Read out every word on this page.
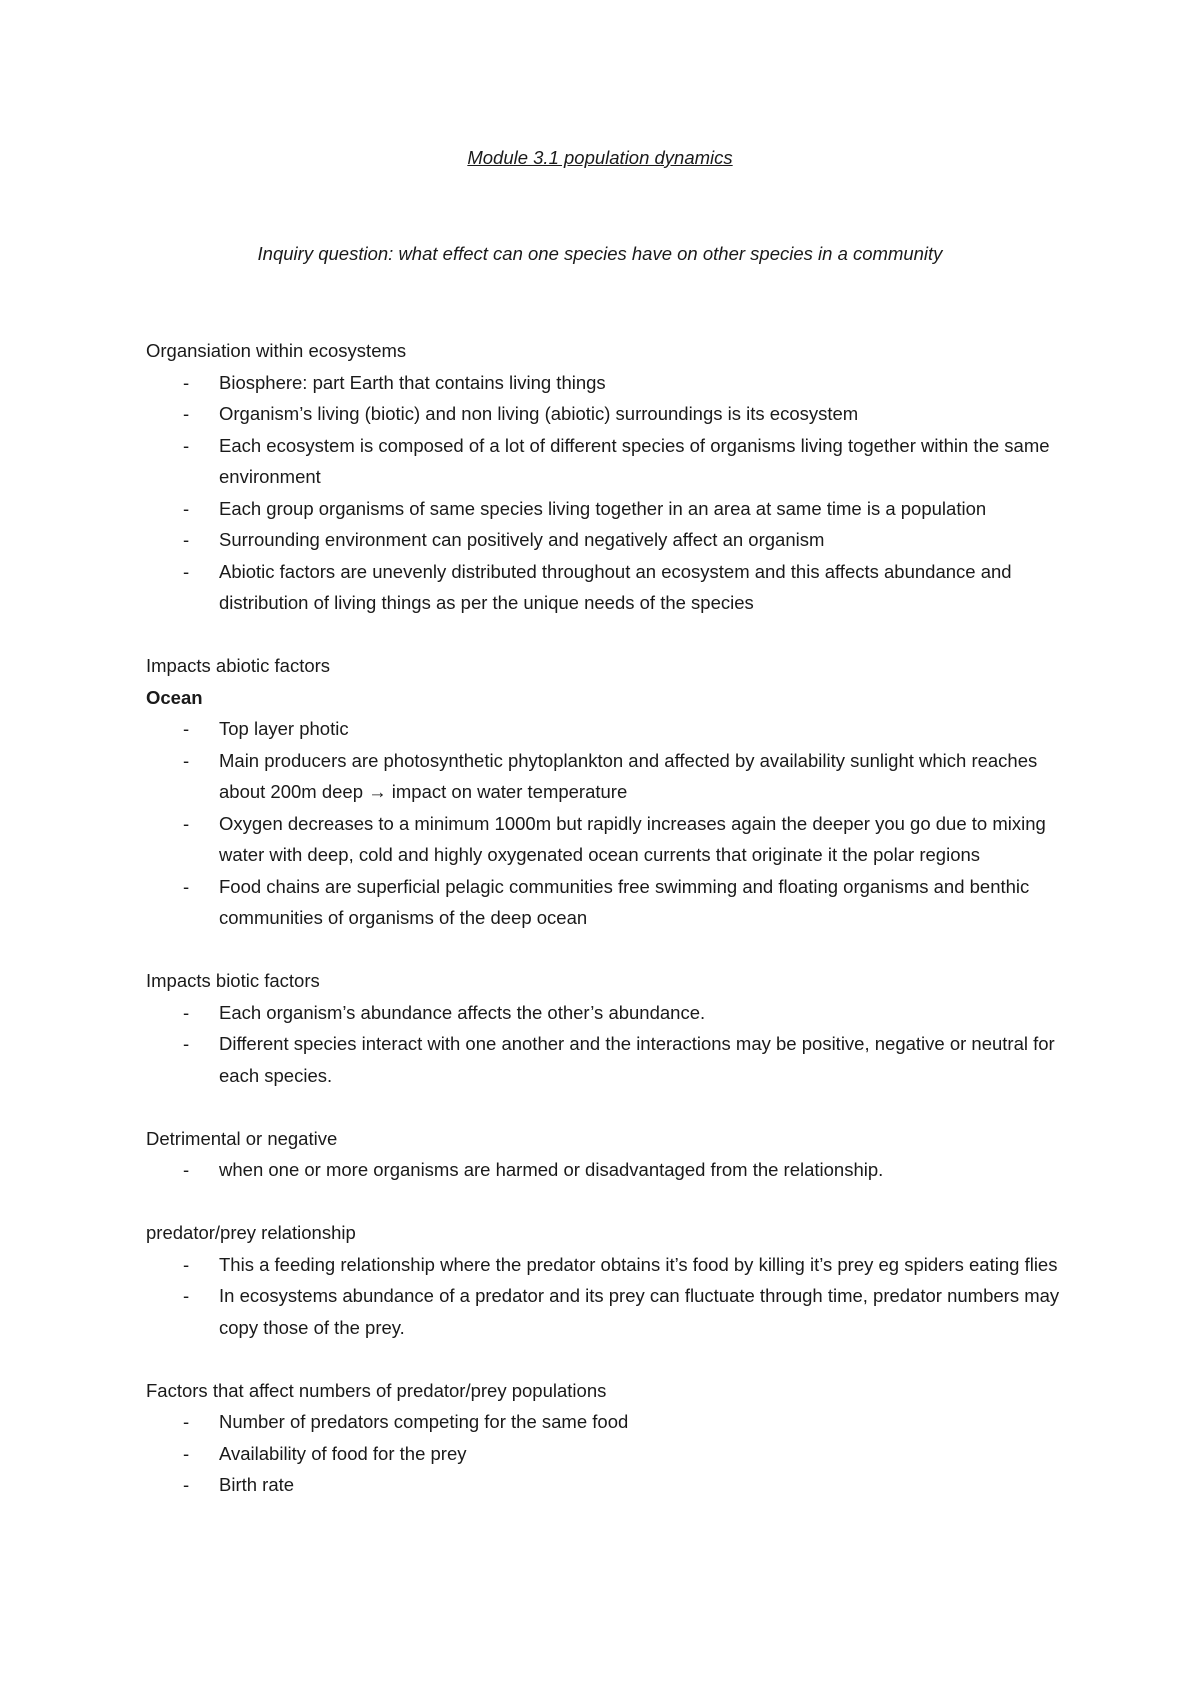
Module 3.1 population dynamics
Inquiry question: what effect can one species have on other species in a community
Organsiation within ecosystems
- Biosphere: part Earth that contains living things
- Organism’s living (biotic) and non living (abiotic) surroundings is its ecosystem
- Each ecosystem is composed of a lot of different species of organisms living together within the same environment
- Each group organisms of same species living together in an area at same time is a population
- Surrounding environment can positively and negatively affect an organism
- Abiotic factors are unevenly distributed throughout an ecosystem and this affects abundance and distribution of living things as per the unique needs of the species
Impacts abiotic factors
Ocean
- Top layer photic
- Main producers are photosynthetic phytoplankton and affected by availability sunlight which reaches about 200m deep → impact on water temperature
- Oxygen decreases to a minimum 1000m but rapidly increases again the deeper you go due to mixing water with deep, cold and highly oxygenated ocean currents that originate it the polar regions
- Food chains are superficial pelagic communities free swimming and floating organisms and benthic communities of organisms of the deep ocean
Impacts biotic factors
- Each organism’s abundance affects the other’s abundance.
- Different species interact with one another and the interactions may be positive, negative or neutral for each species.
Detrimental or negative
- when one or more organisms are harmed or disadvantaged from the relationship.
predator/prey relationship
- This a feeding relationship where the predator obtains it’s food by killing it’s prey eg spiders eating flies
- In ecosystems abundance of a predator and its prey can fluctuate through time, predator numbers may copy those of the prey.
Factors that affect numbers of predator/prey populations
- Number of predators competing for the same food
- Availability of food for the prey
- Birth rate
